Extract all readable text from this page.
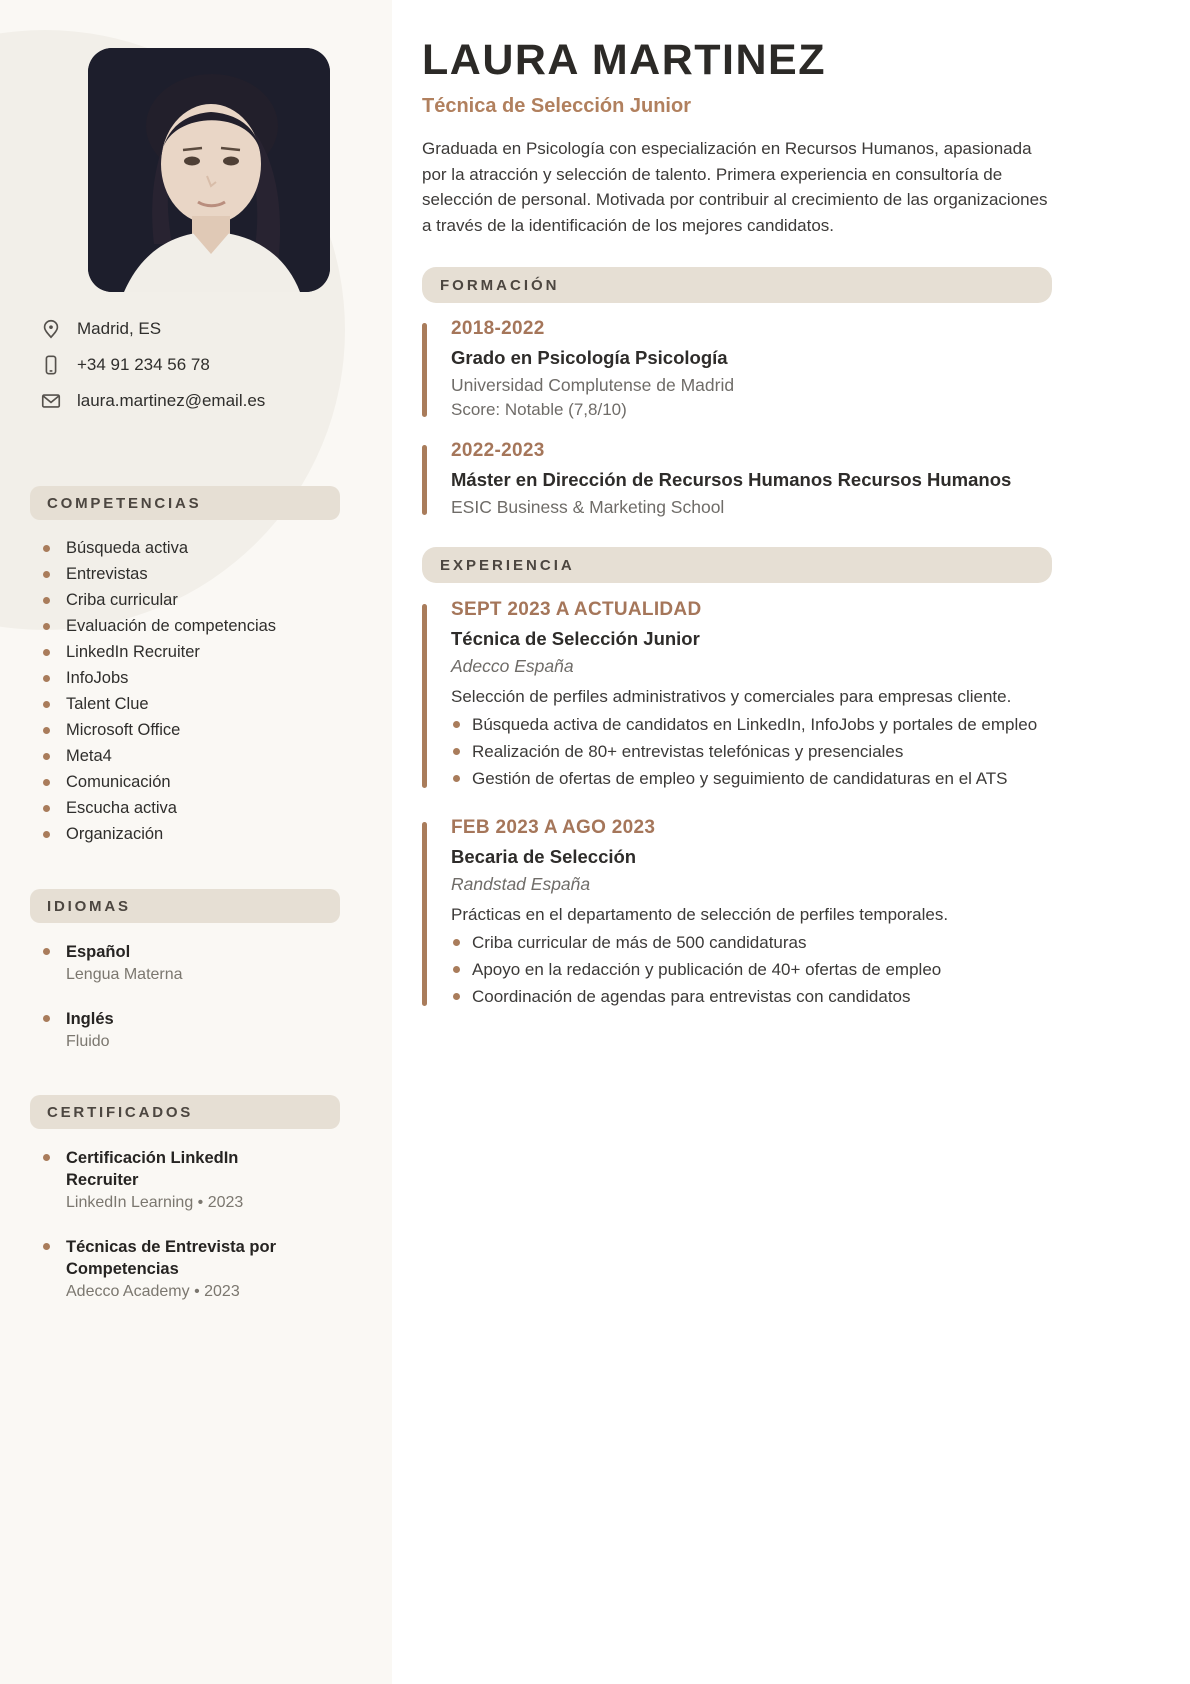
Madrid, ES
+34 91 234 56 78
laura.martinez@email.es
COMPETENCIAS
Búsqueda activa
Entrevistas
Criba curricular
Evaluación de competencias
LinkedIn Recruiter
InfoJobs
Talent Clue
Microsoft Office
Meta4
Comunicación
Escucha activa
Organización
IDIOMAS
Español
Lengua Materna
Inglés
Fluido
CERTIFICADOS
Certificación LinkedIn Recruiter
LinkedIn Learning • 2023
Técnicas de Entrevista por Competencias
Adecco Academy • 2023
LAURA MARTINEZ
Técnica de Selección Junior

Graduada en Psicología con especialización en Recursos Humanos, apasionada por la atracción y selección de talento. Primera experiencia en consultoría de selección de personal. Motivada por contribuir al crecimiento de las organizaciones a través de la identificación de los mejores candidatos.

FORMACIÓN
2018-2022
Grado en Psicología Psicología
Universidad Complutense de Madrid
Score: Notable (7,8/10)
2022-2023
Máster en Dirección de Recursos Humanos Recursos Humanos
ESIC Business & Marketing School
EXPERIENCIA
SEPT 2023 A ACTUALIDAD
Técnica de Selección Junior
Adecco España
Selección de perfiles administrativos y comerciales para empresas cliente.
Búsqueda activa de candidatos en LinkedIn, InfoJobs y portales de empleo
Realización de 80+ entrevistas telefónicas y presenciales
Gestión de ofertas de empleo y seguimiento de candidaturas en el ATS
FEB 2023 A AGO 2023
Becaria de Selección
Randstad España
Prácticas en el departamento de selección de perfiles temporales.
Criba curricular de más de 500 candidaturas
Apoyo en la redacción y publicación de 40+ ofertas de empleo
Coordinación de agendas para entrevistas con candidatos
